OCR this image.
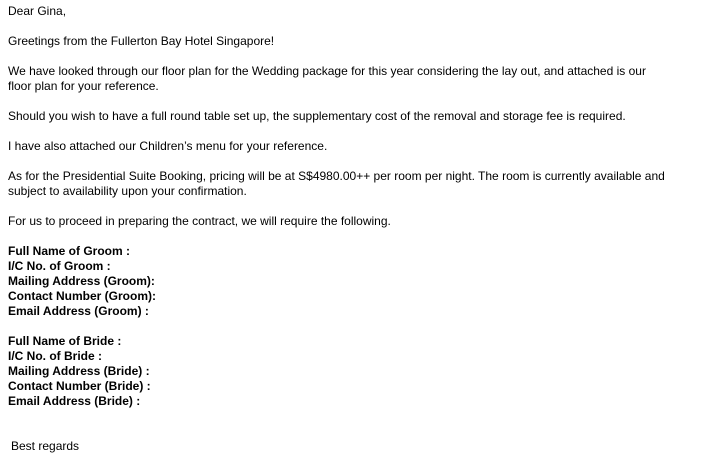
Dear Gina,
Greetings from the Fullerton Bay Hotel Singapore!
We have looked through our floor plan for the Wedding package for this year considering the lay out, and attached is our
floor plan for your reference.
Should you wish to have a full round table set up, the supplementary cost of the removal and storage fee is required.
I have also attached our Children’s menu for your reference.
As for the Presidential Suite Booking, pricing will be at S$4980.00++ per room per night. The room is currently available and
subject to availability upon your confirmation.
For us to proceed in preparing the contract, we will require the following.
Full Name of Groom :
I/C No. of Groom :
Mailing Address (Groom):
Contact Number (Groom):
Email Address (Groom) :
Full Name of Bride :
I/C No. of Bride :
Mailing Address (Bride) :
Contact Number (Bride) :
Email Address (Bride) :
Best regards
